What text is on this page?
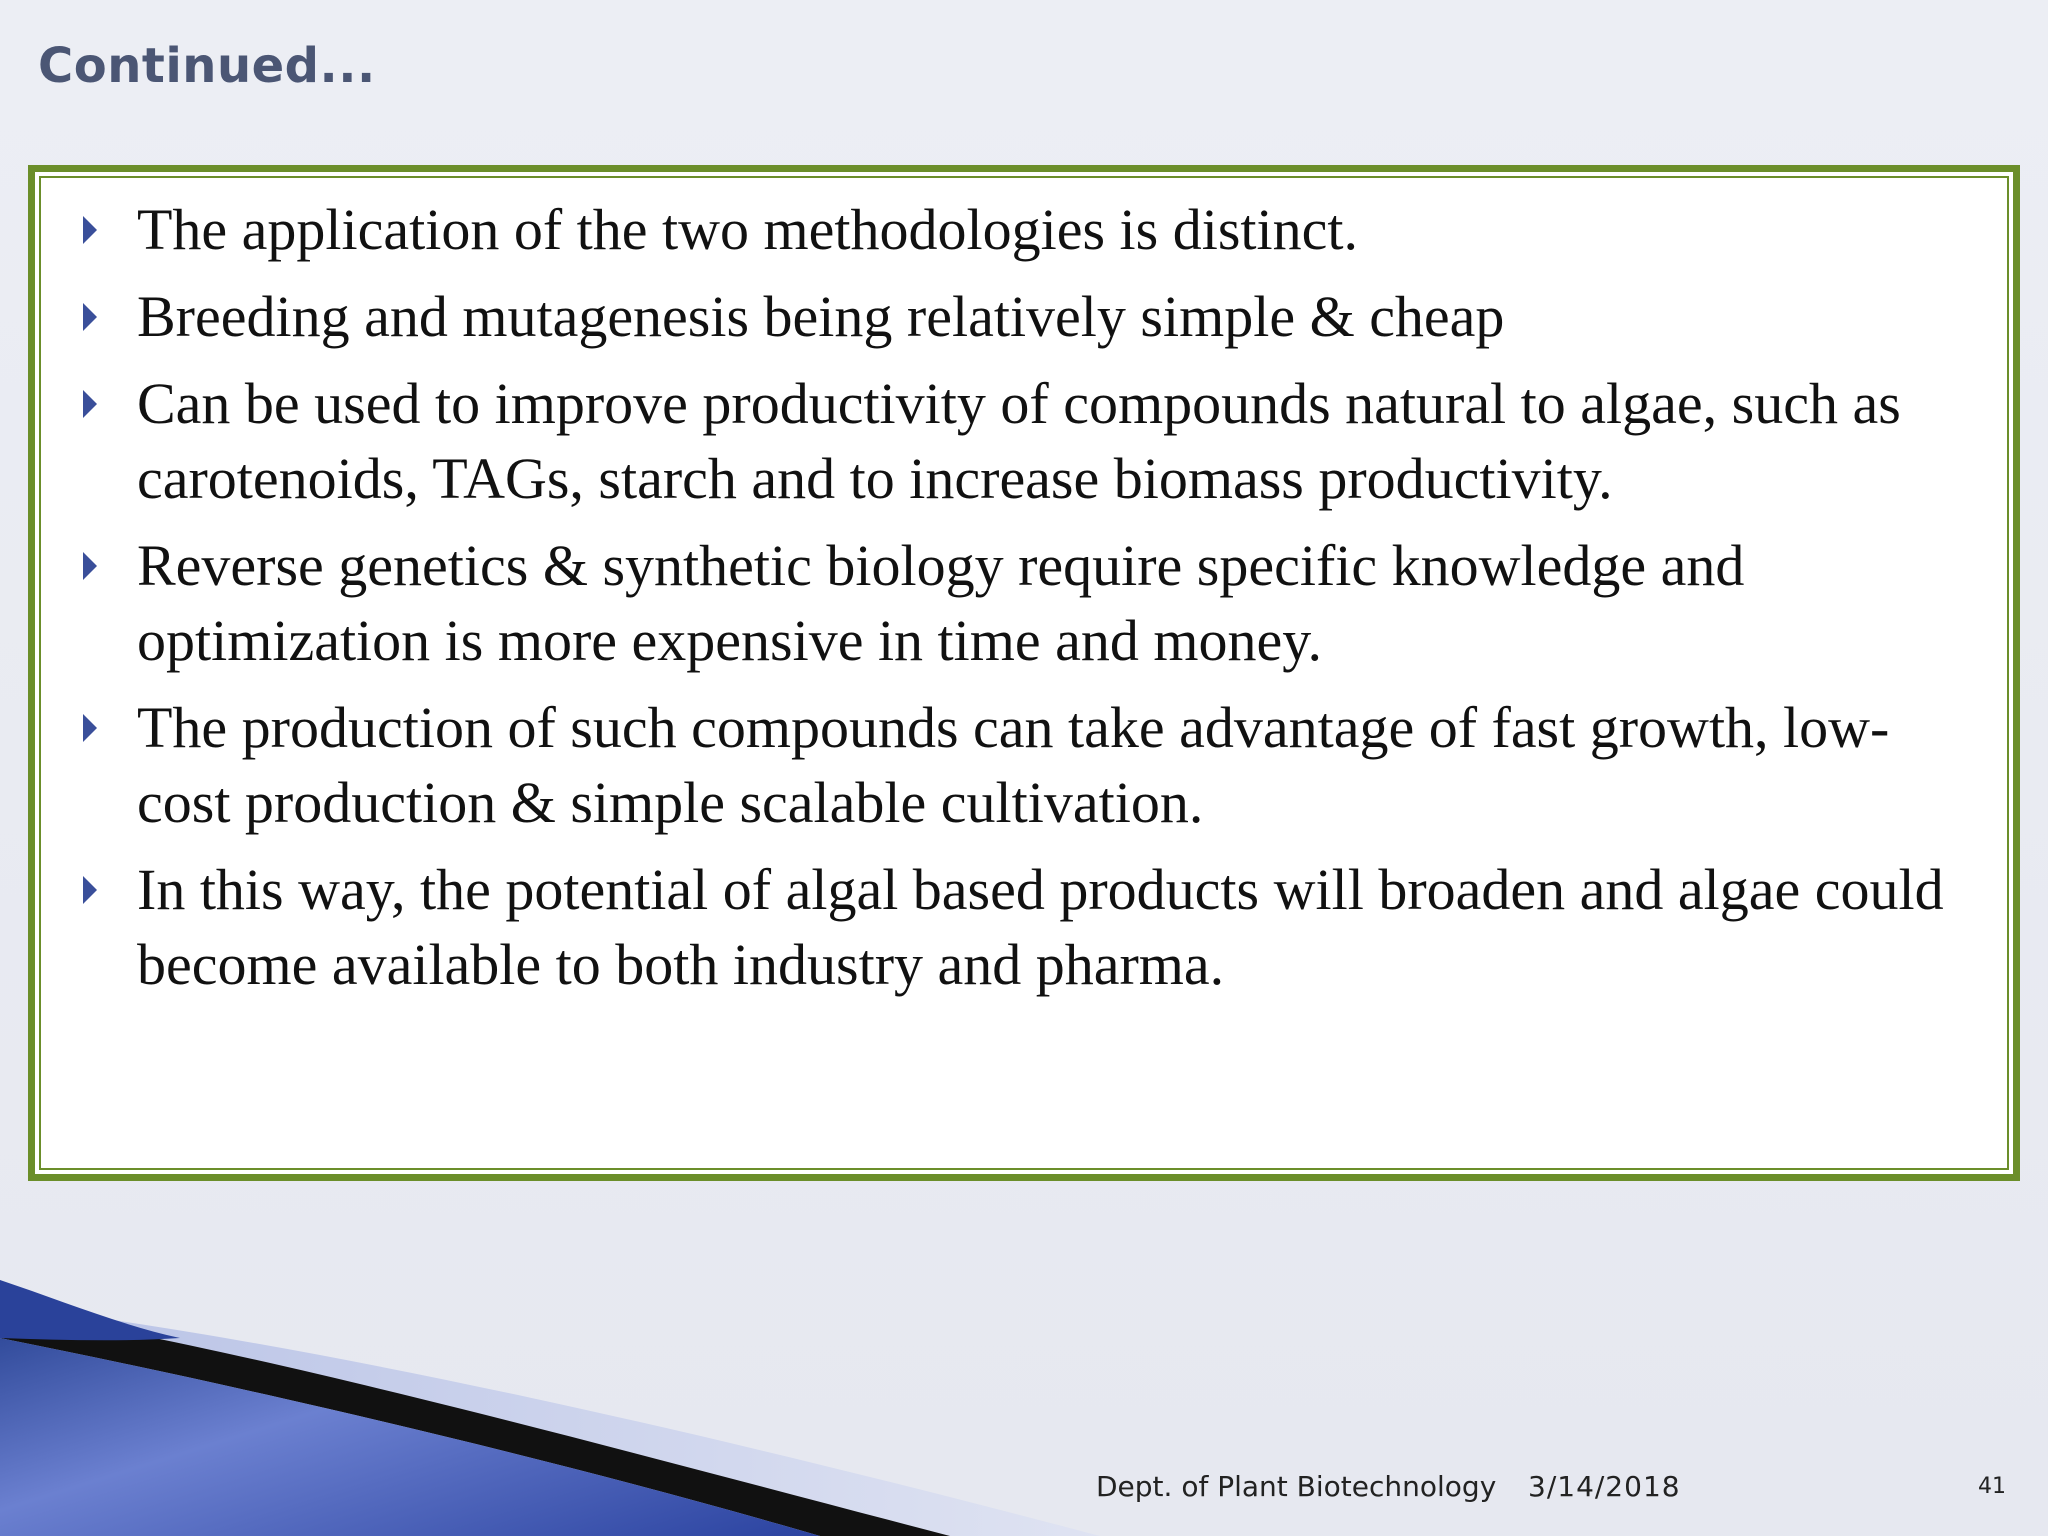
Continued...
The application of the two methodologies is distinct.
Breeding and mutagenesis being relatively simple & cheap
Can be used to improve productivity of compounds natural to algae, such as carotenoids, TAGs, starch and to increase biomass productivity.
Reverse genetics & synthetic biology require specific knowledge and optimization is more expensive in time and money.
The production of such compounds can take advantage of fast growth, low-cost production & simple scalable cultivation.
In this way, the potential of algal based products will broaden and algae could become available to both industry and pharma.
Dept. of Plant Biotechnology 3/14/2018	41
